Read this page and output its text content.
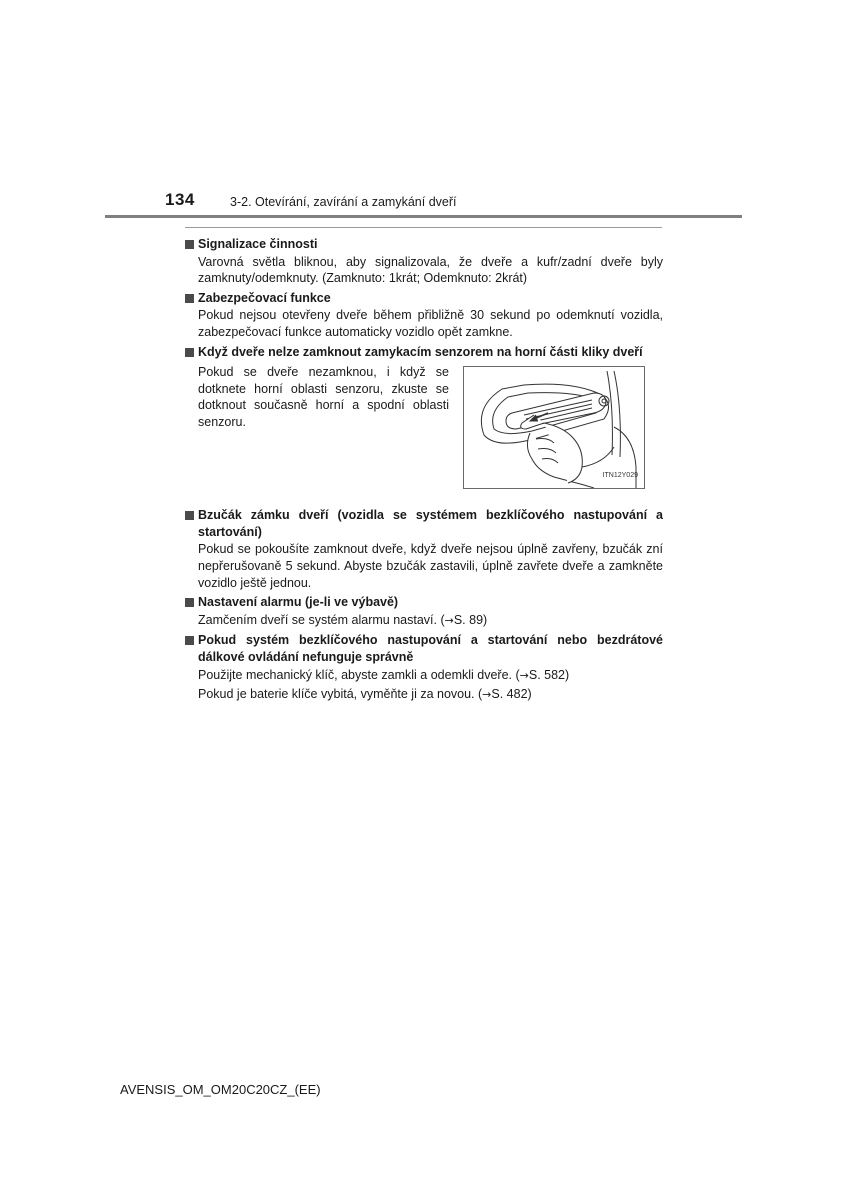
134	3-2. Otevírání, zavírání a zamykání dveří
Signalizace činnosti
Varovná světla bliknou, aby signalizovala, že dveře a kufr/zadní dveře byly zamknuty/odemknuty. (Zamknuto: 1krát; Odemknuto: 2krát)
Zabezpečovací funkce
Pokud nejsou otevřeny dveře během přibližně 30 sekund po odemknutí vozidla, zabezpečovací funkce automaticky vozidlo opět zamkne.
Když dveře nelze zamknout zamykacím senzorem na horní části kliky dveří
Pokud se dveře nezamknou, i když se dotknete horní oblasti senzoru, zkuste se dotknout současně horní a spodní oblasti senzoru.
ITN12Y029
Bzučák zámku dveří (vozidla se systémem bezklíčového nastupování a startování)
Pokud se pokoušíte zamknout dveře, když dveře nejsou úplně zavřeny, bzučák zní nepřerušovaně 5 sekund. Abyste bzučák zastavili, úplně zavřete dveře a zamkněte vozidlo ještě jednou.
Nastavení alarmu (je-li ve výbavě)
Zamčením dveří se systém alarmu nastaví. (→S. 89)
Pokud systém bezklíčového nastupování a startování nebo bezdrátové dálkové ovládání nefunguje správně
Použijte mechanický klíč, abyste zamkli a odemkli dveře. (→S. 582)
Pokud je baterie klíče vybitá, vyměňte ji za novou. (→S. 482)
AVENSIS_OM_OM20C20CZ_(EE)
